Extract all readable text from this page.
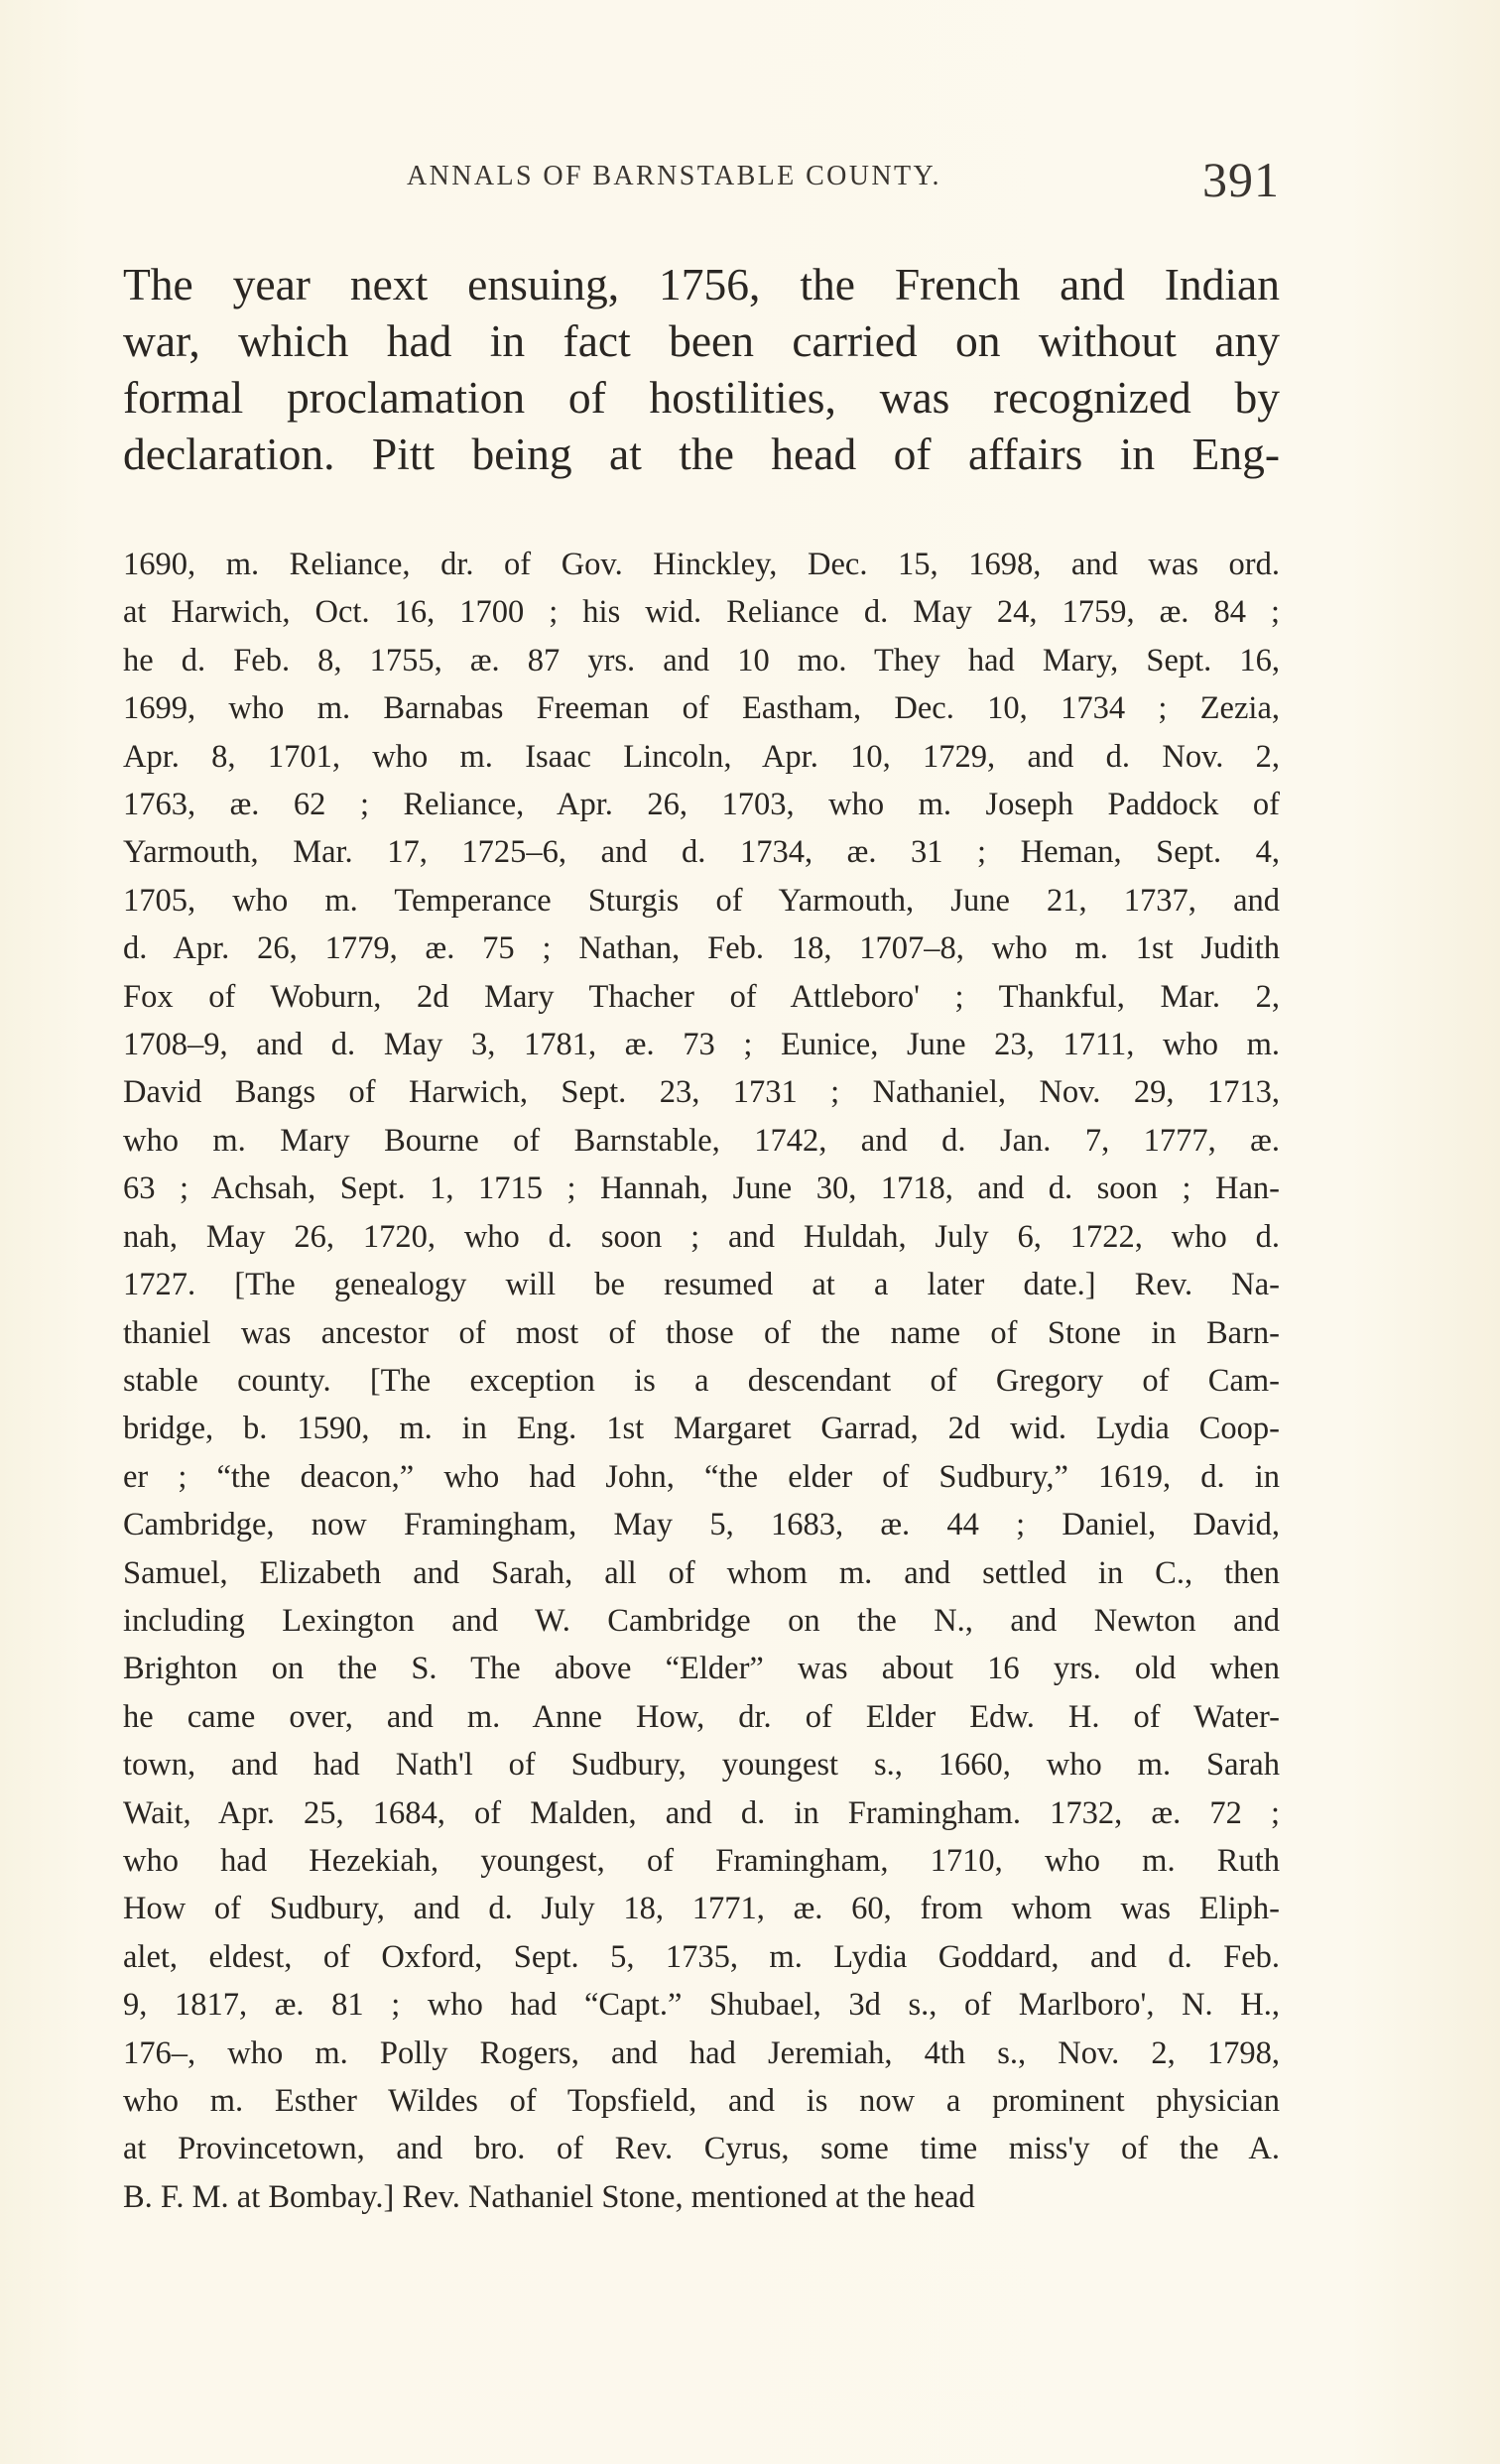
ANNALS OF BARNSTABLE COUNTY.	391
The year next ensuing, 1756, the French and Indian
war, which had in fact been carried on without any
formal proclamation of hostilities, was recognized by
declaration. Pitt being at the head of affairs in Eng-
1690, m. Reliance, dr. of Gov. Hinckley, Dec. 15, 1698, and was ord.
at Harwich, Oct. 16, 1700 ; his wid. Reliance d. May 24, 1759, æ. 84 ;
he d. Feb. 8, 1755, æ. 87 yrs. and 10 mo. They had Mary, Sept. 16,
1699, who m. Barnabas Freeman of Eastham, Dec. 10, 1734 ; Zezia,
Apr. 8, 1701, who m. Isaac Lincoln, Apr. 10, 1729, and d. Nov. 2,
1763, æ. 62 ; Reliance, Apr. 26, 1703, who m. Joseph Paddock of
Yarmouth, Mar. 17, 1725–6, and d. 1734, æ. 31 ; Heman, Sept. 4,
1705, who m. Temperance Sturgis of Yarmouth, June 21, 1737, and
d. Apr. 26, 1779, æ. 75 ; Nathan, Feb. 18, 1707–8, who m. 1st Judith
Fox of Woburn, 2d Mary Thacher of Attleboro' ; Thankful, Mar. 2,
1708–9, and d. May 3, 1781, æ. 73 ; Eunice, June 23, 1711, who m.
David Bangs of Harwich, Sept. 23, 1731 ; Nathaniel, Nov. 29, 1713,
who m. Mary Bourne of Barnstable, 1742, and d. Jan. 7, 1777, æ.
63 ; Achsah, Sept. 1, 1715 ; Hannah, June 30, 1718, and d. soon ; Han-
nah, May 26, 1720, who d. soon ; and Huldah, July 6, 1722, who d.
1727. [The genealogy will be resumed at a later date.] Rev. Na-
thaniel was ancestor of most of those of the name of Stone in Barn-
stable county. [The exception is a descendant of Gregory of Cam-
bridge, b. 1590, m. in Eng. 1st Margaret Garrad, 2d wid. Lydia Coop-
er ; “the deacon,” who had John, “the elder of Sudbury,” 1619, d. in
Cambridge, now Framingham, May 5, 1683, æ. 44 ; Daniel, David,
Samuel, Elizabeth and Sarah, all of whom m. and settled in C., then
including Lexington and W. Cambridge on the N., and Newton and
Brighton on the S. The above “Elder” was about 16 yrs. old when
he came over, and m. Anne How, dr. of Elder Edw. H. of Water-
town, and had Nath'l of Sudbury, youngest s., 1660, who m. Sarah
Wait, Apr. 25, 1684, of Malden, and d. in Framingham. 1732, æ. 72 ;
who had Hezekiah, youngest, of Framingham, 1710, who m. Ruth
How of Sudbury, and d. July 18, 1771, æ. 60, from whom was Eliph-
alet, eldest, of Oxford, Sept. 5, 1735, m. Lydia Goddard, and d. Feb.
9, 1817, æ. 81 ; who had “Capt.” Shubael, 3d s., of Marlboro', N. H.,
176–, who m. Polly Rogers, and had Jeremiah, 4th s., Nov. 2, 1798,
who m. Esther Wildes of Topsfield, and is now a prominent physician
at Provincetown, and bro. of Rev. Cyrus, some time miss'y of the A.
B. F. M. at Bombay.] Rev. Nathaniel Stone, mentioned at the head
